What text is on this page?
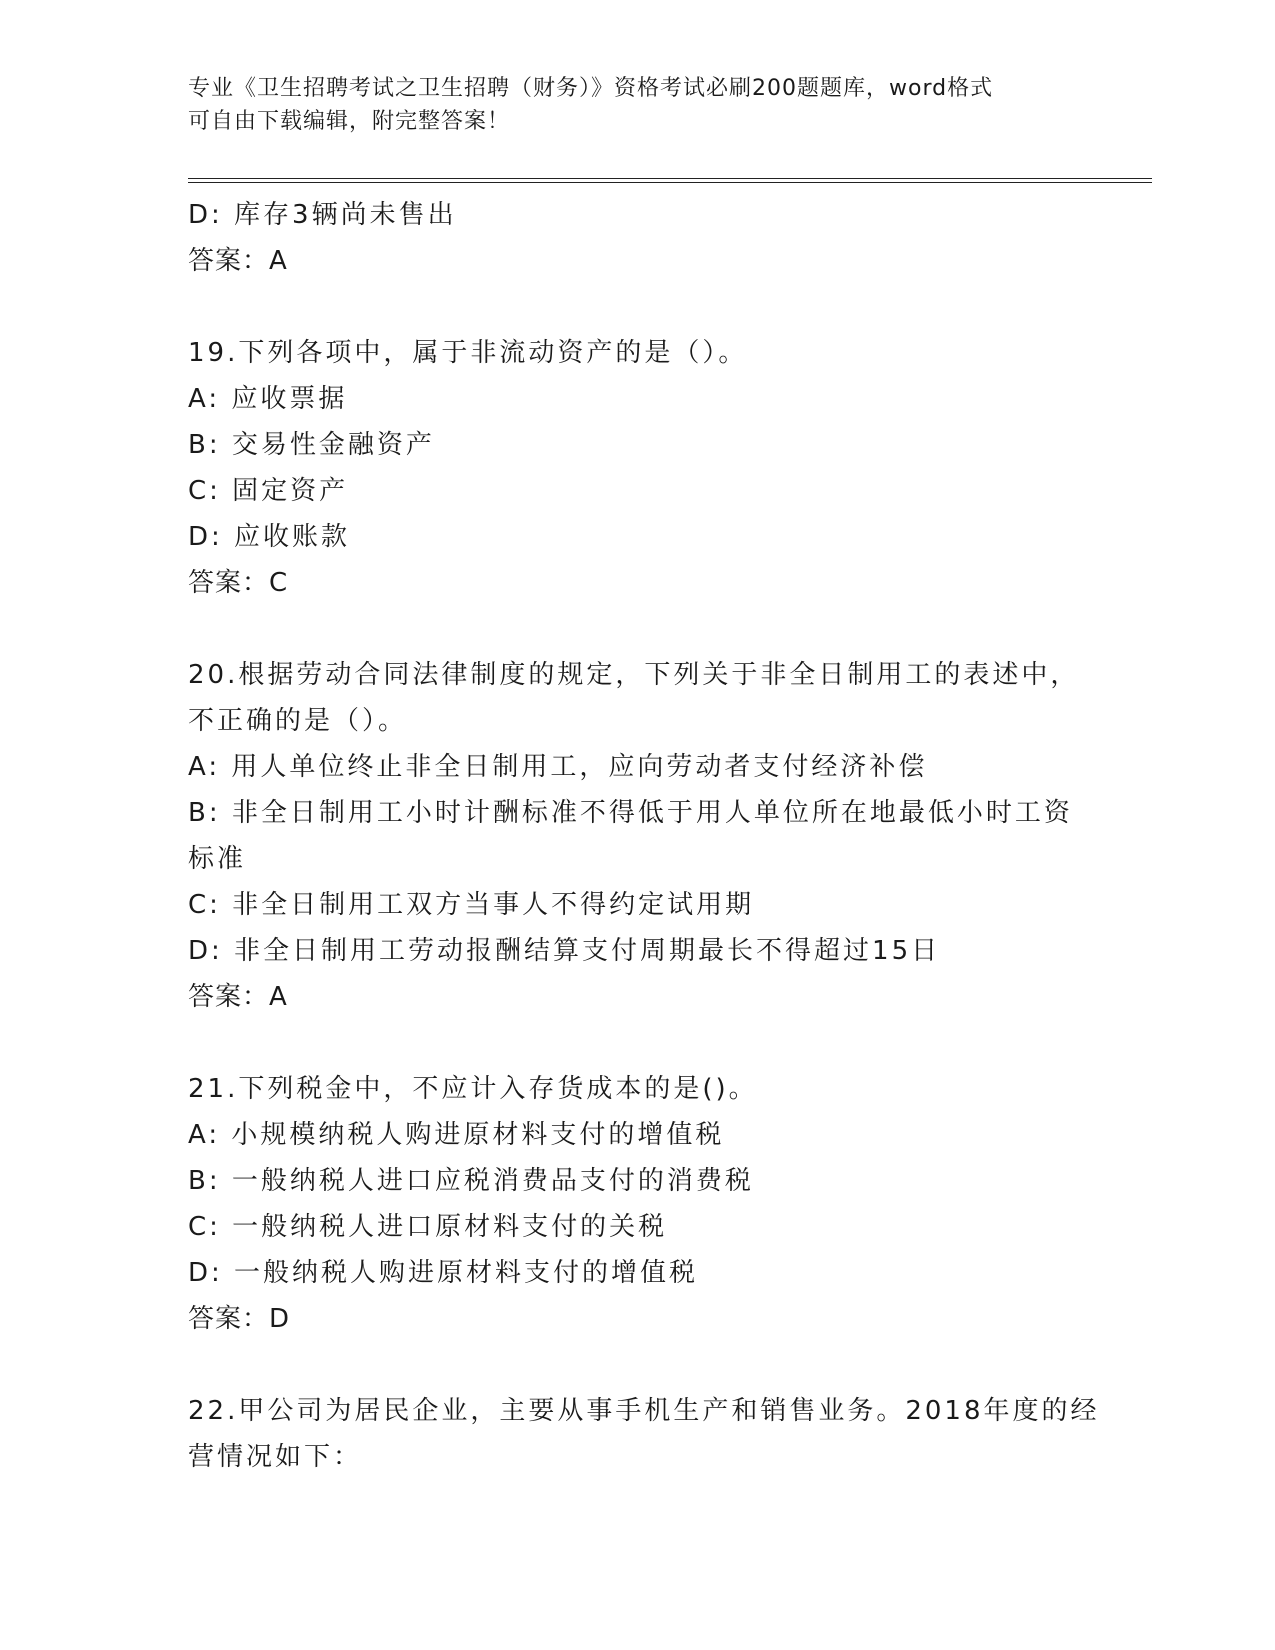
专业《卫生招聘考试之卫生招聘（财务）》资格考试必刷200题题库，word格式
可自由下载编辑，附完整答案！
D: 库存3辆尚未售出
答案：A
19.下列各项中，属于非流动资产的是（）。
A: 应收票据
B: 交易性金融资产
C: 固定资产
D: 应收账款
答案：C
20.根据劳动合同法律制度的规定，下列关于非全日制用工的表述中，
不正确的是（）。
A: 用人单位终止非全日制用工，应向劳动者支付经济补偿
B: 非全日制用工小时计酬标准不得低于用人单位所在地最低小时工资
标准
C: 非全日制用工双方当事人不得约定试用期
D: 非全日制用工劳动报酬结算支付周期最长不得超过15日
答案：A
21.下列税金中，不应计入存货成本的是()。
A: 小规模纳税人购进原材料支付的增值税
B: 一般纳税人进口应税消费品支付的消费税
C: 一般纳税人进口原材料支付的关税
D: 一般纳税人购进原材料支付的增值税
答案：D
22.甲公司为居民企业，主要从事手机生产和销售业务。2018年度的经
营情况如下：
